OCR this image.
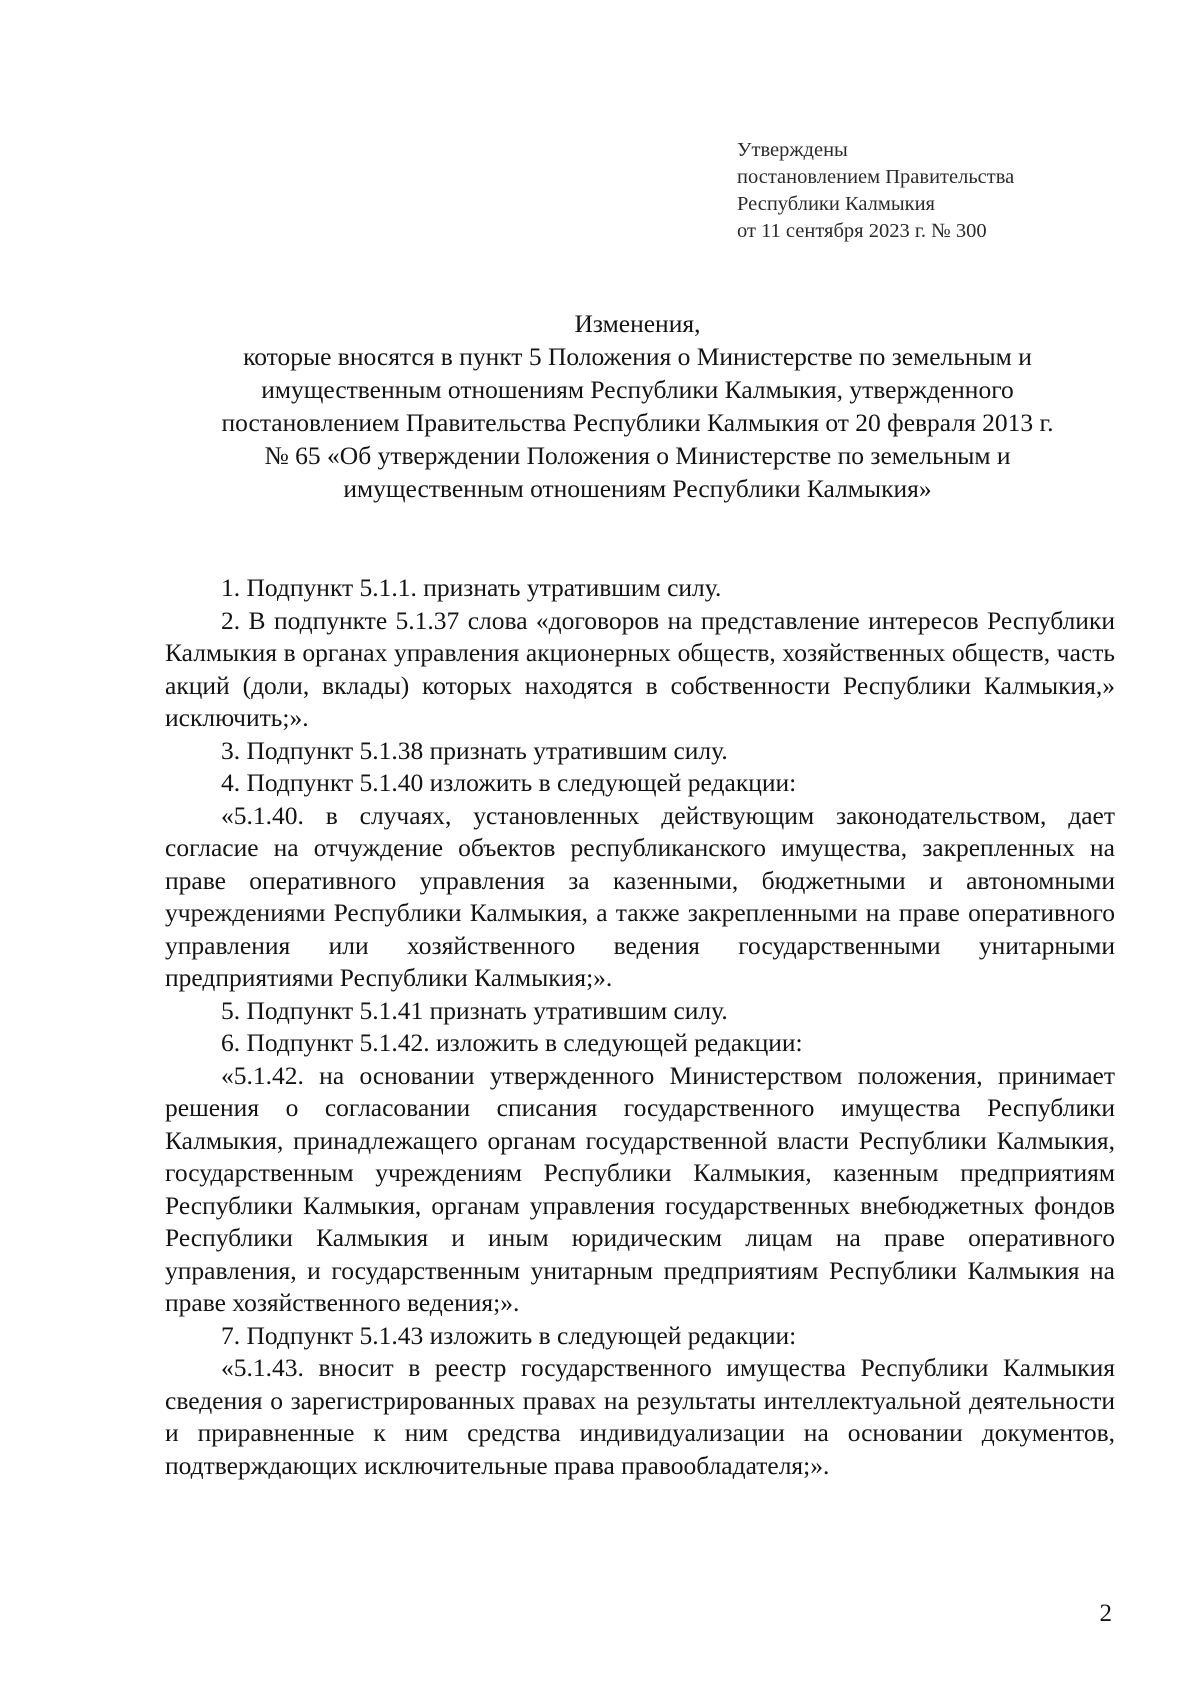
Утверждены
постановлением Правительства
Республики Калмыкия
от 11 сентября 2023 г. № 300
Изменения,
которые вносятся в пункт 5 Положения о Министерстве по земельным и
имущественным отношениям Республики Калмыкия, утвержденного
постановлением Правительства Республики Калмыкия от 20 февраля 2013 г.
№ 65 «Об утверждении Положения о Министерстве по земельным и
имущественным отношениям Республики Калмыкия»

1. Подпункт 5.1.1. признать утратившим силу.

2. В подпункте 5.1.37 слова «договоров на представление интересов Республики Калмыкия в органах управления акционерных обществ, хозяйственных обществ, часть акций (доли, вклады) которых находятся в собственности Республики Калмыкия,» исключить;».

3. Подпункт 5.1.38 признать утратившим силу.

4. Подпункт 5.1.40 изложить в следующей редакции:

«5.1.40. в случаях, установленных действующим законодательством, дает согласие на отчуждение объектов республиканского имущества, закрепленных на праве оперативного управления за казенными, бюджетными и автономными учреждениями Республики Калмыкия, а также закрепленными на праве оперативного управления или хозяйственного ведения государственными унитарными предприятиями Республики Калмыкия;».

5. Подпункт 5.1.41 признать утратившим силу.

6. Подпункт 5.1.42. изложить в следующей редакции:

«5.1.42. на основании утвержденного Министерством положения, принимает решения о согласовании списания государственного имущества Республики Калмыкия, принадлежащего органам государственной власти Республики Калмыкия, государственным учреждениям Республики Калмыкия, казенным предприятиям Республики Калмыкия, органам управления государственных внебюджетных фондов Республики Калмыкия и иным юридическим лицам на праве оперативного управления, и государственным унитарным предприятиям Республики Калмыкия на праве хозяйственного ведения;».

7. Подпункт 5.1.43 изложить в следующей редакции:

«5.1.43. вносит в реестр государственного имущества Республики Калмыкия сведения о зарегистрированных правах на результаты интеллектуальной деятельности и приравненные к ним средства индивидуализации на основании документов, подтверждающих исключительные права правообладателя;».

2
